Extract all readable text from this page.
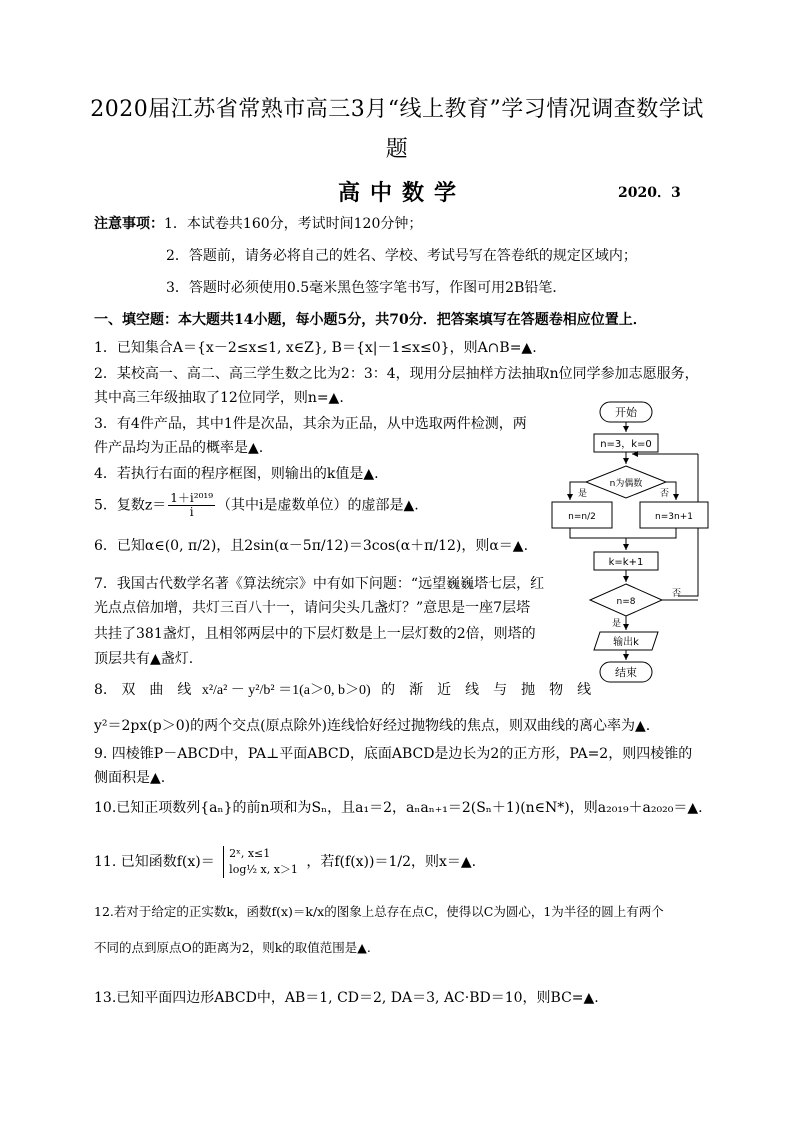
2020届江苏省常熟市高三3月“线上教育”学习情况调查数学试
题
高中数学	2020．3
注意事项：1．本试卷共160分，考试时间120分钟；
2．答题前，请务必将自己的姓名、学校、考试号写在答卷纸的规定区域内；
3．答题时必须使用0.5毫米黑色签字笔书写，作图可用2B铅笔．
一、填空题：本大题共14小题，每小题5分，共70分．把答案填写在答题卷相应位置上．
1．已知集合A＝{x－2≤x≤1, x∈Z}, B＝{x|－1≤x≤0}，则A∩B=▲.
2．某校高一、高二、高三学生数之比为2：3：4，现用分层抽样方法抽取n位同学参加志愿服务，
其中高三年级抽取了12位同学，则n=▲.
3．有4件产品，其中1件是次品，其余为正品，从中选取两件检测，两
件产品均为正品的概率是▲.
4．若执行右面的程序框图，则输出的k值是▲.
5．复数$z= \frac{\text{1＋i²⁰¹⁹}}{i}$ （其中i是虚数单位）的虚部是▲.
6．已知α∈(0, π/2)，且2sin(α－5π/12)＝3cos(α＋π/12)，则α＝▲.
7．我国古代数学名著《算法统宗》中有如下问题：“远望巍巍塔七层，红
光点点倍加增，共灯三百八十一，请问尖头几盏灯？”意思是一座7层塔
共挂了381盏灯，且相邻两层中的下层灯数是上一层灯数的2倍，则塔的
顶层共有▲盏灯.
8.　双　曲　线 x²/a² － y²/b² ＝1(a＞0, b＞0) 的　渐　近　线　与　抛　物　线
y²＝2px(p＞0)的两个交点(原点除外)连线恰好经过抛物线的焦点，则双曲线的离心率为▲.
9. 四棱锥P－ABCD中，PA⊥平面ABCD，底面ABCD是边长为2的正方形，PA=2，则四棱锥的
侧面积是▲.
10.已知正项数列{aₙ}的前n项和为Sₙ，且a₁＝2，aₙaₙ₊₁＝2(Sₙ＋1)(n∈N*)，则a₂₀₁₉＋a₂₀₂₀＝▲.
11. 已知函数f(x)＝
2ˣ, x≤1
log½ x, x＞1 ，若f(f(x))＝1/2，则x＝▲.
12.若对于给定的正实数k，函数f(x)＝k/x的图象上总存在点C，使得以C为圆心，1为半径的圆上有两个
不同的点到原点O的距离为2，则k的取值范围是▲.
13.已知平面四边形ABCD中，AB＝1, CD＝2, DA＝3, AC·BD＝10，则BC=▲.
开始
n=3，k=0
n为偶数
是	否
n=n/2	n=3n+1
k=k+1
n=8
否
是
输出k
结束
